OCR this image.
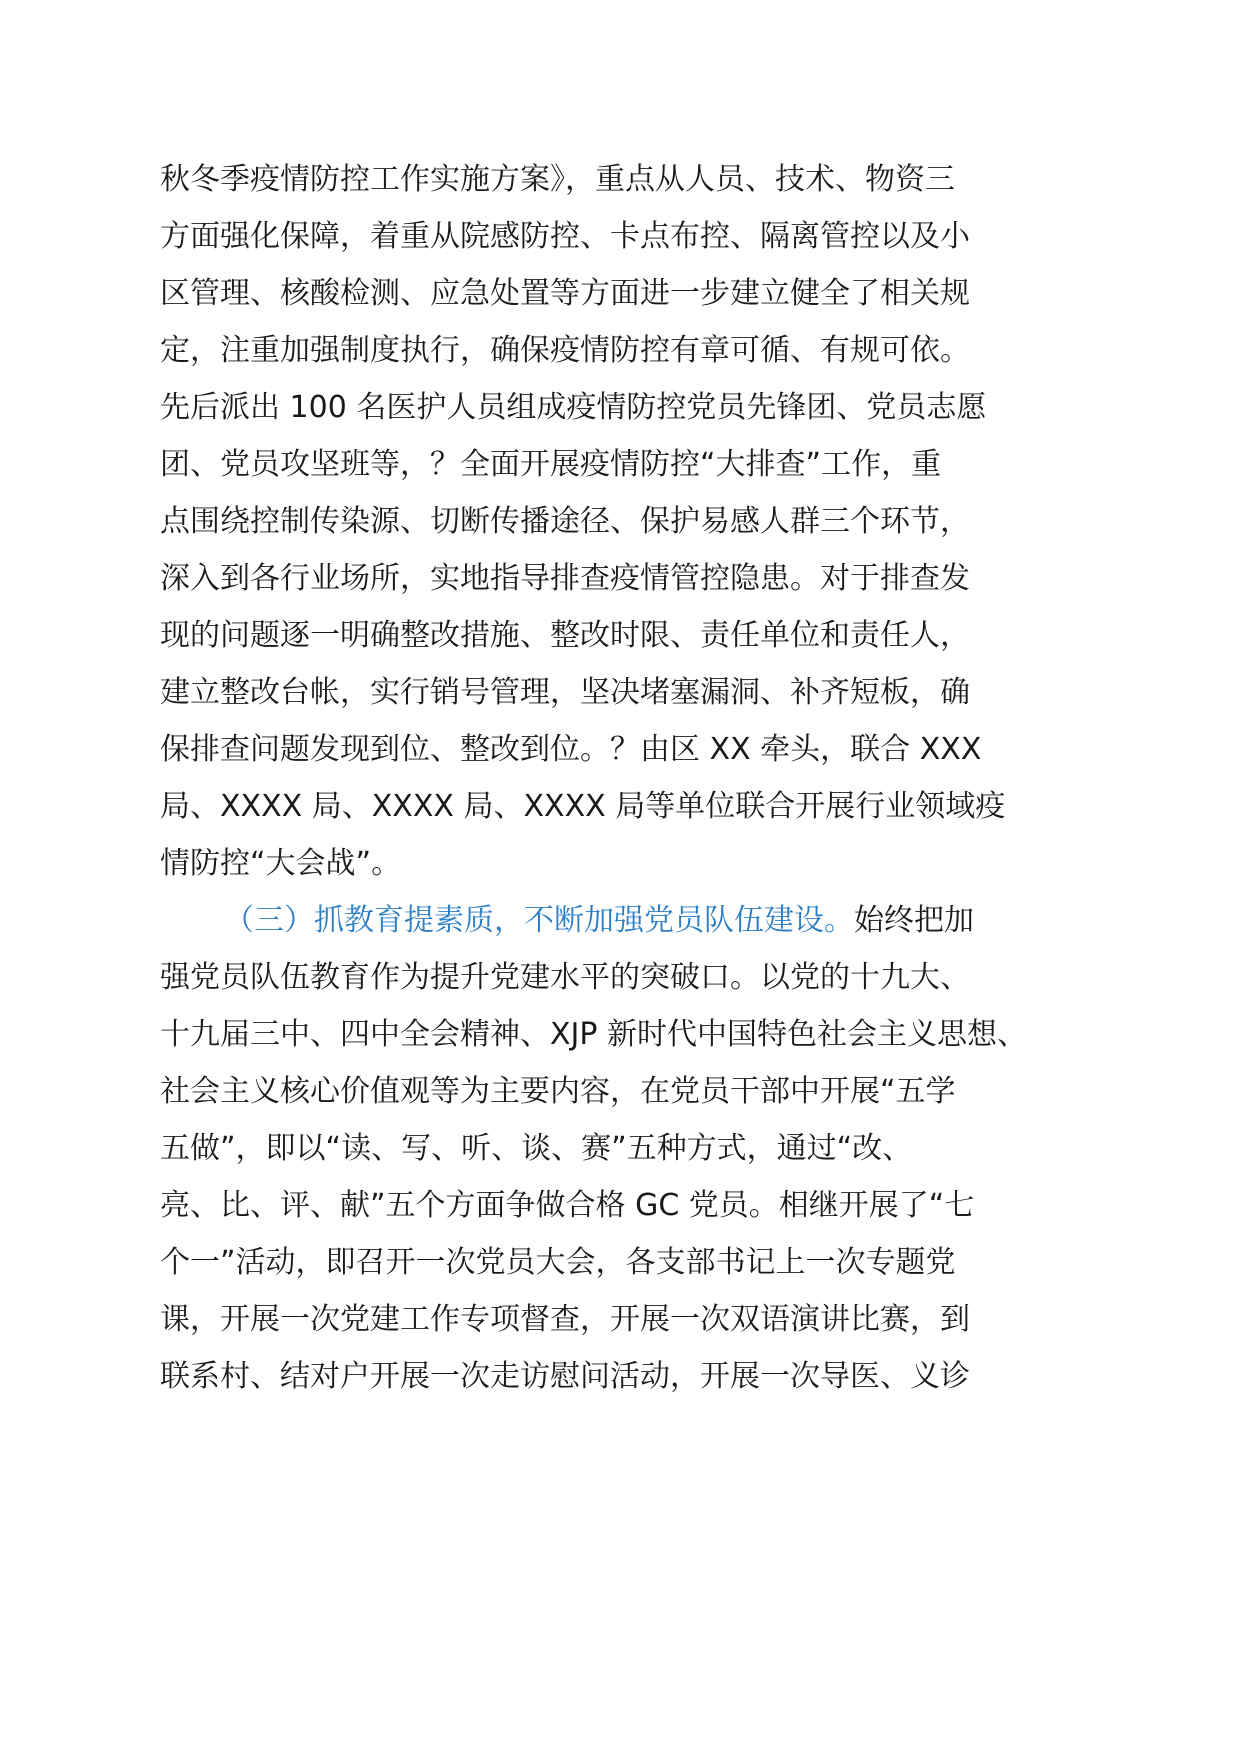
秋冬季疫情防控工作实施方案》，重点从人员、技术、物资三
方面强化保障，着重从院感防控、卡点布控、隔离管控以及小
区管理、核酸检测、应急处置等方面进一步建立健全了相关规
定，注重加强制度执行，确保疫情防控有章可循、有规可依。
先后派出 100 名医护人员组成疫情防控党员先锋团、党员志愿
团、党员攻坚班等，？全面开展疫情防控“大排查”工作，重
点围绕控制传染源、切断传播途径、保护易感人群三个环节，
深入到各行业场所，实地指导排查疫情管控隐患。对于排查发
现的问题逐一明确整改措施、整改时限、责任单位和责任人，
建立整改台帐，实行销号管理，坚决堵塞漏洞、补齐短板，确
保排查问题发现到位、整改到位。？由区 XX 牵头，联合 XXX
局、XXXX 局、XXXX 局、XXXX 局等单位联合开展行业领域疫
情防控“大会战”。
（三）抓教育提素质，不断加强党员队伍建设。始终把加
强党员队伍教育作为提升党建水平的突破口。以党的十九大、
十九届三中、四中全会精神、XJP 新时代中国特色社会主义思想、
社会主义核心价值观等为主要内容，在党员干部中开展“五学
五做”，即以“读、写、听、谈、赛”五种方式，通过“改、
亮、比、评、献”五个方面争做合格 GC 党员。相继开展了“七
个一”活动，即召开一次党员大会，各支部书记上一次专题党
课，开展一次党建工作专项督查，开展一次双语演讲比赛，到
联系村、结对户开展一次走访慰问活动，开展一次导医、义诊
